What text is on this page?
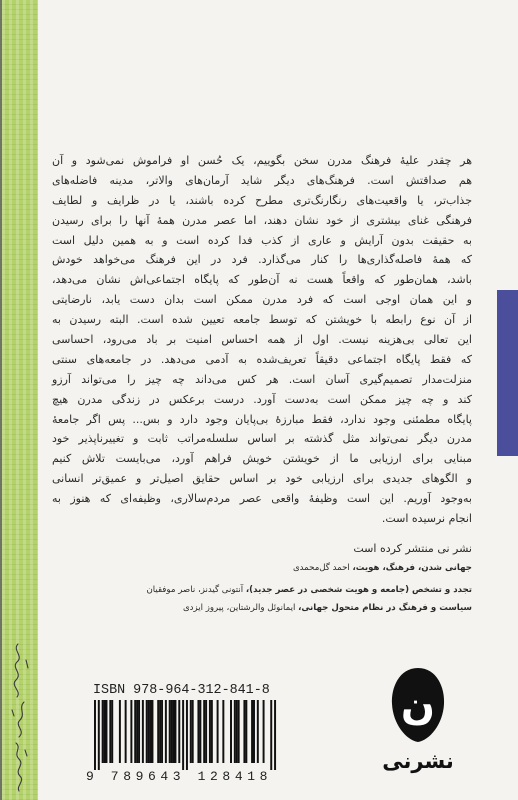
هر چقدر علیهٔ فرهنگ مدرن سخن بگوییم، یک حُسن او فراموش نمی‌شود و آن
هم صداقتش است. فرهنگ‌های دیگر شاید آرمان‌های والاتر، مدینه فاضله‌های
جذاب‌تر، یا واقعیت‌های رنگارنگ‌تری مطرح کرده باشند، یا در ظرایف و لطایف
فرهنگی غنای بیشتری از خود نشان دهند، اما عصر مدرن همهٔ آنها را برای رسیدن
به حقیقت بدون آرایش و عاری از کذب فدا کرده است و به همین دلیل است
که همهٔ فاصله‌گذاری‌ها را کنار می‌گذارد. فرد در این فرهنگ می‌خواهد خودش
باشد، همان‌طور که واقعاً هست نه آن‌طور که پایگاه اجتماعی‌اش نشان می‌دهد،
و این همان اوجی است که فرد مدرن ممکن است بدان دست یابد، نارضایتی
از آن نوع رابطه با خویشتن که توسط جامعه تعیین شده است. البته رسیدن به
این تعالی بی‌هزینه نیست. اول از همه احساس امنیت بر باد می‌رود، احساسی
که فقط پایگاه اجتماعی دقیقاً تعریف‌شده به آدمی می‌دهد. در جامعه‌های سنتی
منزلت‌مدار تصمیم‌گیری آسان است. هر کس می‌داند چه چیز را می‌تواند آرزو
کند و چه چیز ممکن است به‌دست آورد. درست برعکس در زندگی مدرن هیچ
پایگاه مطمئنی وجود ندارد، فقط مبارزهٔ بی‌پایان وجود دارد و بس... پس اگر جامعهٔ
مدرن دیگر نمی‌تواند مثل گذشته بر اساس سلسله‌مراتب ثابت و تغییرناپذیر خود
مبنایی برای ارزیابی ما از خویشتن خویش فراهم آورد، می‌بایست تلاش کنیم
و الگوهای جدیدی برای ارزیابی خود بر اساس حقایق اصیل‌تر و عمیق‌تر انسانی
به‌وجود آوریم. این است وظیفهٔ واقعی عصر مردم‌سالاری، وظیفه‌ای که هنوز به
انجام نرسیده است.
نشر نی منتشر کرده است
جهانی شدن، فرهنگ، هویت، احمد گل‌محمدی
تجدد و تشخص (جامعه و هویت شخصی در عصر جدید)، آنتونی گیدنز، ناصر موفقیان
سیاست و فرهنگ در نظام متحول جهانی، ایمانوئل والرشتاین، پیروز ایزدی
ISBN 978-964-312-841-8
9 789643 128418
ن
نشرنی
